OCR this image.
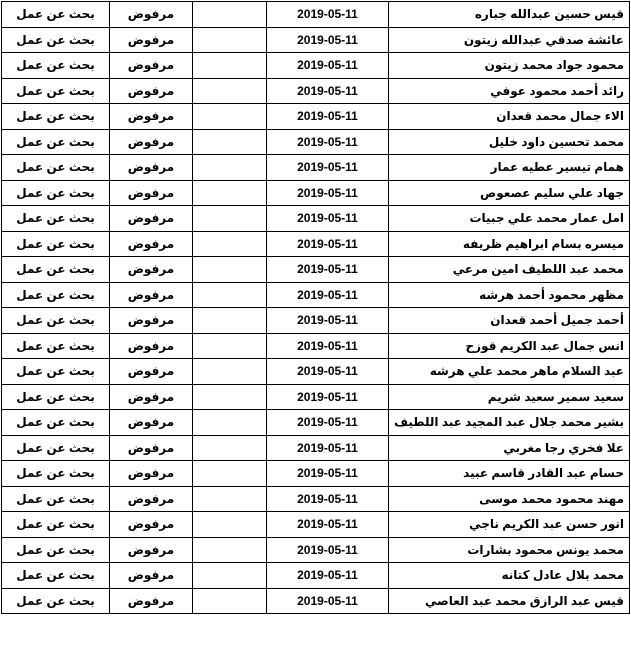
قيس حسين عبدالله جباره	2019-05-11		مرفوض	بحث عن عمل
عائشة صدقي عبدالله زيتون	2019-05-11		مرفوض	بحث عن عمل
محمود جواد محمد زيتون	2019-05-11		مرفوض	بحث عن عمل
رائد أحمد محمود عوفي	2019-05-11		مرفوض	بحث عن عمل
الاء جمال محمد قعدان	2019-05-11		مرفوض	بحث عن عمل
محمد تحسين داود خليل	2019-05-11		مرفوض	بحث عن عمل
همام تيسير عطيه عمار	2019-05-11		مرفوض	بحث عن عمل
جهاد علي سليم عصعوص	2019-05-11		مرفوض	بحث عن عمل
امل عمار محمد علي جبيات	2019-05-11		مرفوض	بحث عن عمل
ميسره بسام ابراهيم ظريفه	2019-05-11		مرفوض	بحث عن عمل
محمد عبد اللطيف امين مرعي	2019-05-11		مرفوض	بحث عن عمل
مظهر محمود أحمد هرشه	2019-05-11		مرفوض	بحث عن عمل
أحمد جميل أحمد قعدان	2019-05-11		مرفوض	بحث عن عمل
انس جمال عبد الكريم قوزح	2019-05-11		مرفوض	بحث عن عمل
عبد السلام ماهر محمد علي هرشه	2019-05-11		مرفوض	بحث عن عمل
سعيد سمير سعيد شريم	2019-05-11		مرفوض	بحث عن عمل
بشير محمد جلال عبد المجيد عبد اللطيف	2019-05-11		مرفوض	بحث عن عمل
علا فخري رجا مغربي	2019-05-11		مرفوض	بحث عن عمل
حسام عبد القادر قاسم عبيد	2019-05-11		مرفوض	بحث عن عمل
مهند محمود محمد موسى	2019-05-11		مرفوض	بحث عن عمل
انور حسن عبد الكريم ناجي	2019-05-11		مرفوض	بحث عن عمل
محمد يونس محمود بشارات	2019-05-11		مرفوض	بحث عن عمل
محمد بلال عادل كتانه	2019-05-11		مرفوض	بحث عن عمل
قيس عبد الرازق محمد عبد العاصي	2019-05-11		مرفوض	بحث عن عمل
